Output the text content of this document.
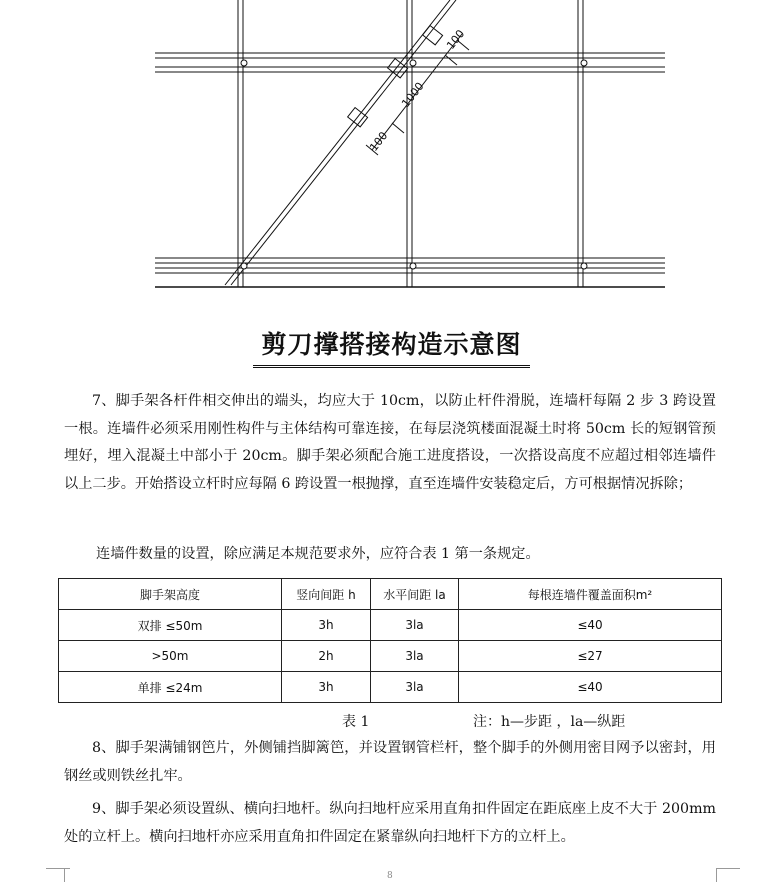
100
1000
100
剪刀撑搭接构造示意图
7、脚手架各杆件相交伸出的端头，均应大于 10cm，以防止杆件滑脱，连墙杆每隔 2 步 3 跨设置一根。连墙件必须采用刚性构件与主体结构可靠连接，在每层浇筑楼面混凝土时将 50cm 长的短钢管预埋好，埋入混凝土中部小于 20cm。脚手架必须配合施工进度搭设，一次搭设高度不应超过相邻连墙件以上二步。开始搭设立杆时应每隔 6 跨设置一根抛撑，直至连墙件安装稳定后，方可根据情况拆除；
连墙件数量的设置，除应满足本规范要求外，应符合表 1 第一条规定。
脚手架高度	竖向间距 h	水平间距 la	每根连墙件覆盖面积m²
双排 ≤50m	3h	3la	≤40
>50m	2h	3la	≤27
单排 ≤24m	3h	3la	≤40
表 1	注：h—步距 ，la—纵距
8、脚手架满铺钢笆片，外侧铺挡脚篱笆，并设置钢管栏杆，整个脚手的外侧用密目网予以密封，用钢丝或则铁丝扎牢。
9、脚手架必须设置纵、横向扫地杆。纵向扫地杆应采用直角扣件固定在距底座上皮不大于 200mm 处的立杆上。横向扫地杆亦应采用直角扣件固定在紧靠纵向扫地杆下方的立杆上。
8
